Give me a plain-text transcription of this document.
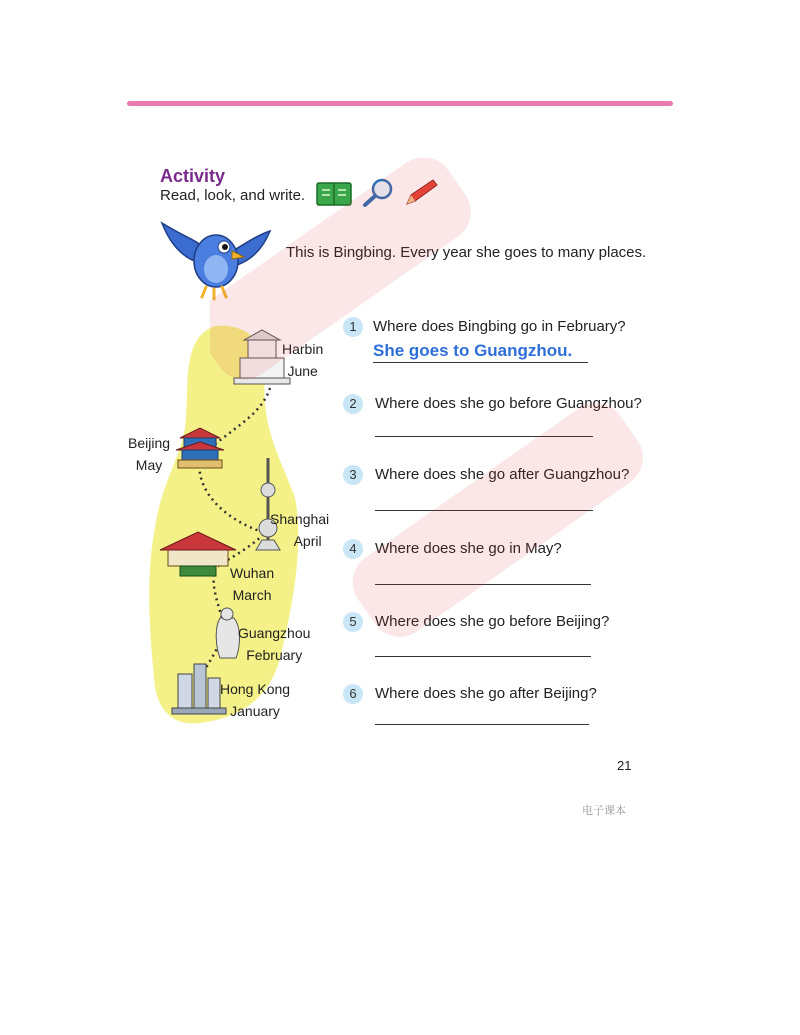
Activity
Read, look, and write.
This is Bingbing. Every year she goes to many places.
Harbin
June
Beijing
May
Shanghai
April
Wuhan
March
Guangzhou
February
Hong Kong
January
1	Where does Bingbing go in February?
She goes to Guangzhou.
2	Where does she go before Guangzhou?
3	Where does she go after Guangzhou?
4	Where does she go in May?
5	Where does she go before Beijing?
6	Where does she go after Beijing?
21
电子课本
